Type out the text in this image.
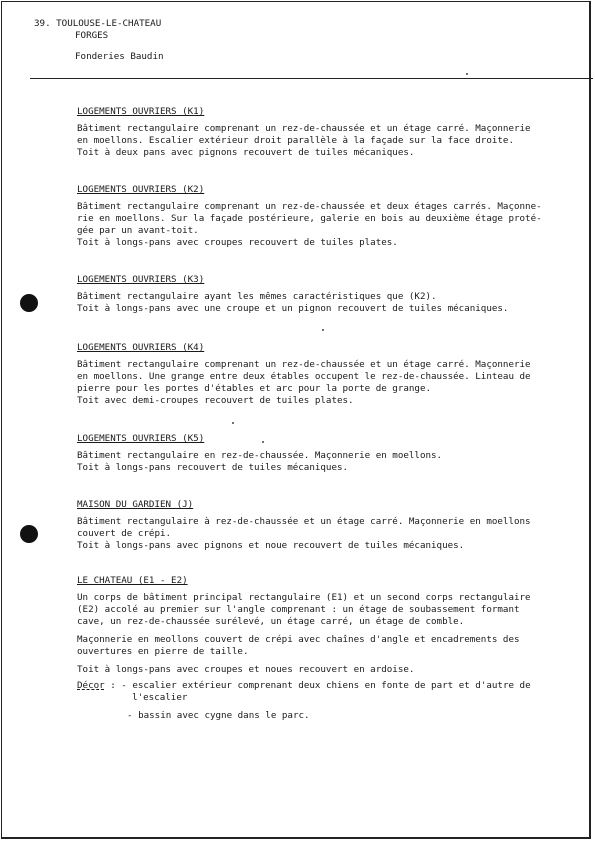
39. TOULOUSE-LE-CHATEAU
FORGES
Fonderies Baudin
LOGEMENTS OUVRIERS (K1)
Bâtiment rectangulaire comprenant un rez-de-chaussée et un étage carré. Maçonnerie
en moellons. Escalier extérieur droit parallèle à la façade sur la face droite.
Toit à deux pans avec pignons recouvert de tuiles mécaniques.
LOGEMENTS OUVRIERS (K2)
Bâtiment rectangulaire comprenant un rez-de-chaussée et deux étages carrés. Maçonne-
rie en moellons. Sur la façade postérieure, galerie en bois au deuxième étage proté-
gée par un avant-toit.
Toit à longs-pans avec croupes recouvert de tuiles plates.
LOGEMENTS OUVRIERS (K3)
Bâtiment rectangulaire ayant les mêmes caractéristiques que (K2).
Toit à longs-pans avec une croupe et un pignon recouvert de tuiles mécaniques.
LOGEMENTS OUVRIERS (K4)
Bâtiment rectangulaire comprenant un rez-de-chaussée et un étage carré. Maçonnerie
en moellons. Une grange entre deux étables occupent le rez-de-chaussée. Linteau de
pierre pour les portes d'étables et arc pour la porte de grange.
Toit avec demi-croupes recouvert de tuiles plates.
LOGEMENTS OUVRIERS (K5)
Bâtiment rectangulaire en rez-de-chaussée. Maçonnerie en moellons.
Toit à longs-pans recouvert de tuiles mécaniques.
MAISON DU GARDIEN (J)
Bâtiment rectangulaire à rez-de-chaussée et un étage carré. Maçonnerie en moellons
couvert de crépi.
Toit à longs-pans avec pignons et noue recouvert de tuiles mécaniques.
LE CHATEAU (E1 - E2)
Un corps de bâtiment principal rectangulaire (E1) et un second corps rectangulaire
(E2) accolé au premier sur l'angle comprenant : un étage de soubassement formant
cave, un rez-de-chaussée surélevé, un étage carré, un étage de comble.
Maçonnerie en meollons couvert de crépi avec chaînes d'angle et encadrements des
ouvertures en pierre de taille.
Toit à longs-pans avec croupes et noues recouvert en ardoise.
Décor : - escalier extérieur comprenant deux chiens en fonte de part et d'autre de
l'escalier
- bassin avec cygne dans le parc.
